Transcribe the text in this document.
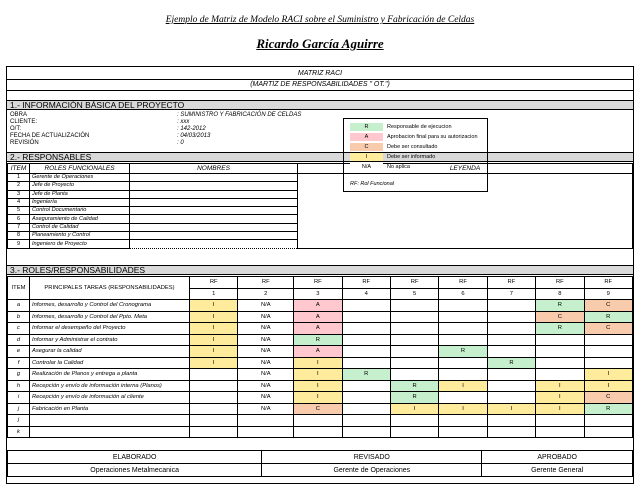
Ejemplo de Matriz de Modelo RACI sobre el Suministro y Fabricación de Celdas
Ricardo García Aguirre
MATRIZ RACI
(MARTIZ DE RESPONSABILIDADES " OT.")
1.- INFORMACIÓN BÁSICA DEL PROYECTO
OBRA	: SUMINISTRO Y FABRICACIÓN DE CELDAS
CLIENTE:	: xxx
O/T:	: 142-2012
FECHA DE ACTUALIZACIÓN	: 04/03/2013
REVISIÓN	: 0
2.- RESPONSABLES
ITEM	ROLES FUNCIONALES	NOMBRES	LEYENDA
1	Gerente de Operaciones		
2	Jefe de Proyecto		
3	Jefe de Planta		
4	Ingeniería		
5	Control Documentario		
6	Aseguramiento de Calidad		
7	Control de Calidad		
8	Planeamiento y Control		
9	Ingeniero de Proyecto		
3.- ROLES/RESPONSABILIDADES
ITEM	PRINCIPALES TAREAS (RESPONSABILIDADES)	RF	RF	RF	RF	RF	RF	RF	RF	RF
		1	2	3	4	5	6	7	8	9
a	Informes, desarrollo y Control del Cronograma	I	N/A	A					R	C
b	Informes, desarrollo y Control del Ppto. Meta	I	N/A	A					C	R
c	Informar el desempeño del Proyecto	I	N/A	A					R	C
d	Informar y Administrar el contrato	I	N/A	R						
e	Asegurar la calidad	I	N/A	A			R			
f	Controlar la Calidad	I	N/A	I				R		
g	Realización de Planos y entrega a planta		N/A	I	R					I
h	Recepción y envío de información interna (Planos)		N/A	I		R	I		I	I
i	Recepción y envío de información al cliente		N/A	I		R			I	C
j	Fabricación en Planta		N/A	C		I	I	I	I	R
j										
k										
ELABORADO	REVISADO	APROBADO
Operaciones Metalmecanica	Gerente de Operaciones	Gerente General
R	Responsable de ejecucion
A	Aprobacion final para su autorizacion
C	Debe ser consultado
I	Debe ser informado
N/A	No aplica
RF: Rol Funcional
